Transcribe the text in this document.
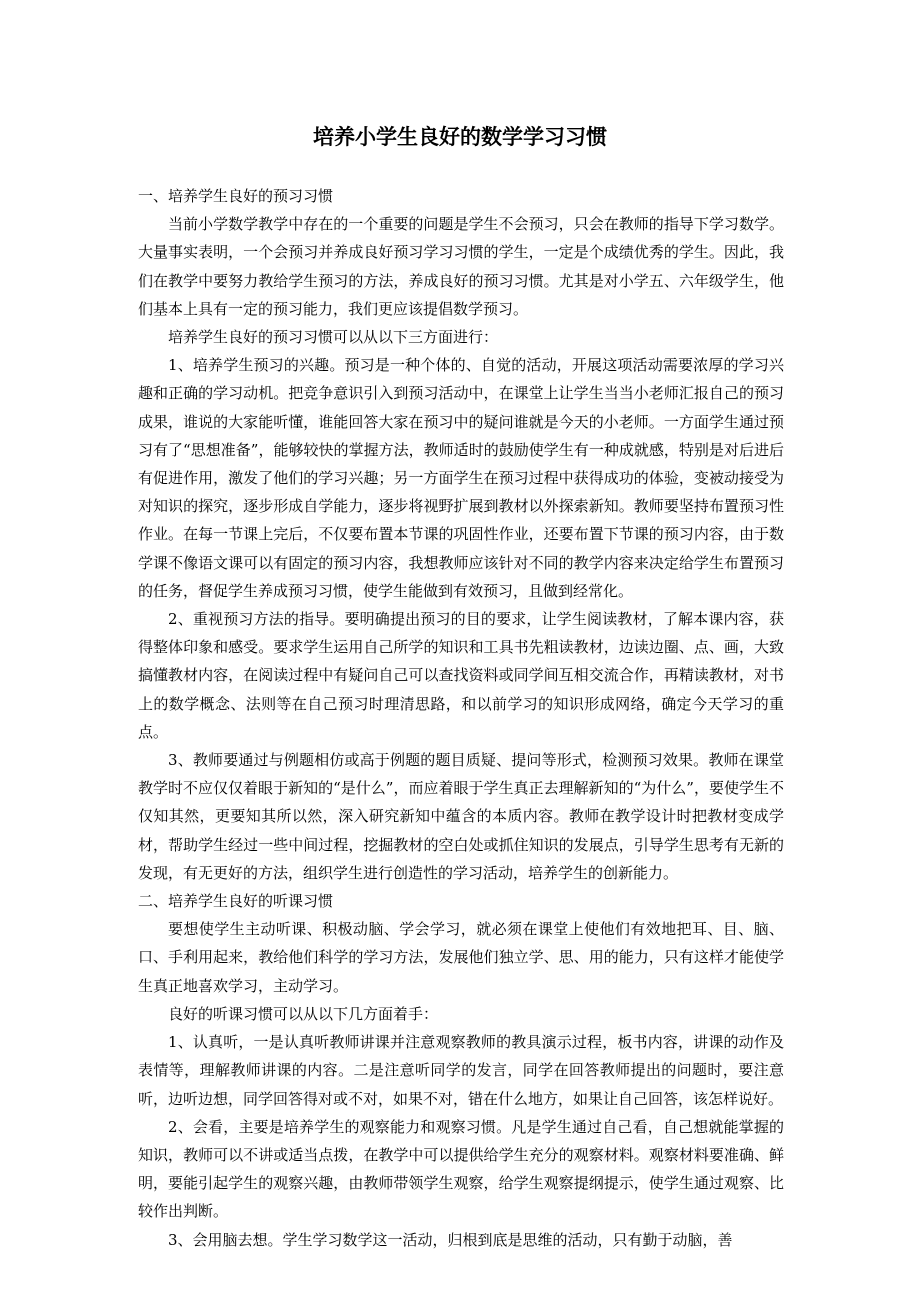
培养小学生良好的数学学习习惯

一、培养学生良好的预习习惯

当前小学数学教学中存在的一个重要的问题是学生不会预习，只会在教师的指导下学习数学。大量事实表明，一个会预习并养成良好预习学习习惯的学生，一定是个成绩优秀的学生。因此，我们在教学中要努力教给学生预习的方法，养成良好的预习习惯。尤其是对小学五、六年级学生，他们基本上具有一定的预习能力，我们更应该提倡数学预习。

培养学生良好的预习习惯可以从以下三方面进行：

1、培养学生预习的兴趣。预习是一种个体的、自觉的活动，开展这项活动需要浓厚的学习兴趣和正确的学习动机。把竞争意识引入到预习活动中，在课堂上让学生当当小老师汇报自己的预习成果，谁说的大家能听懂，谁能回答大家在预习中的疑问谁就是今天的小老师。一方面学生通过预习有了“思想准备”，能够较快的掌握方法，教师适时的鼓励使学生有一种成就感，特别是对后进后有促进作用，激发了他们的学习兴趣；另一方面学生在预习过程中获得成功的体验，变被动接受为对知识的探究，逐步形成自学能力，逐步将视野扩展到教材以外探索新知。教师要坚持布置预习性作业。在每一节课上完后，不仅要布置本节课的巩固性作业，还要布置下节课的预习内容，由于数学课不像语文课可以有固定的预习内容，我想教师应该针对不同的教学内容来决定给学生布置预习的任务，督促学生养成预习习惯，使学生能做到有效预习，且做到经常化。

2、重视预习方法的指导。要明确提出预习的目的要求，让学生阅读教材，了解本课内容，获得整体印象和感受。要求学生运用自己所学的知识和工具书先粗读教材，边读边圈、点、画，大致搞懂教材内容，在阅读过程中有疑问自己可以查找资料或同学间互相交流合作，再精读教材，对书上的数学概念、法则等在自己预习时理清思路，和以前学习的知识形成网络，确定今天学习的重点。

3、教师要通过与例题相仿或高于例题的题目质疑、提问等形式，检测预习效果。教师在课堂教学时不应仅仅着眼于新知的“是什么”，而应着眼于学生真正去理解新知的“为什么”，要使学生不仅知其然，更要知其所以然，深入研究新知中蕴含的本质内容。教师在教学设计时把教材变成学材，帮助学生经过一些中间过程，挖掘教材的空白处或抓住知识的发展点，引导学生思考有无新的发现，有无更好的方法，组织学生进行创造性的学习活动，培养学生的创新能力。

二、培养学生良好的听课习惯

要想使学生主动听课、积极动脑、学会学习，就必须在课堂上使他们有效地把耳、目、脑、口、手利用起来，教给他们科学的学习方法，发展他们独立学、思、用的能力，只有这样才能使学生真正地喜欢学习，主动学习。

良好的听课习惯可以从以下几方面着手：

1、认真听，一是认真听教师讲课并注意观察教师的教具演示过程，板书内容，讲课的动作及表情等，理解教师讲课的内容。二是注意听同学的发言，同学在回答教师提出的问题时，要注意听，边听边想，同学回答得对或不对，如果不对，错在什么地方，如果让自己回答，该怎样说好。

2、会看，主要是培养学生的观察能力和观察习惯。凡是学生通过自己看，自己想就能掌握的知识，教师可以不讲或适当点拨，在教学中可以提供给学生充分的观察材料。观察材料要准确、鲜明，要能引起学生的观察兴趣，由教师带领学生观察，给学生观察提纲提示，使学生通过观察、比较作出判断。

3、会用脑去想。学生学习数学这一活动，归根到底是思维的活动，只有勤于动脑，善
